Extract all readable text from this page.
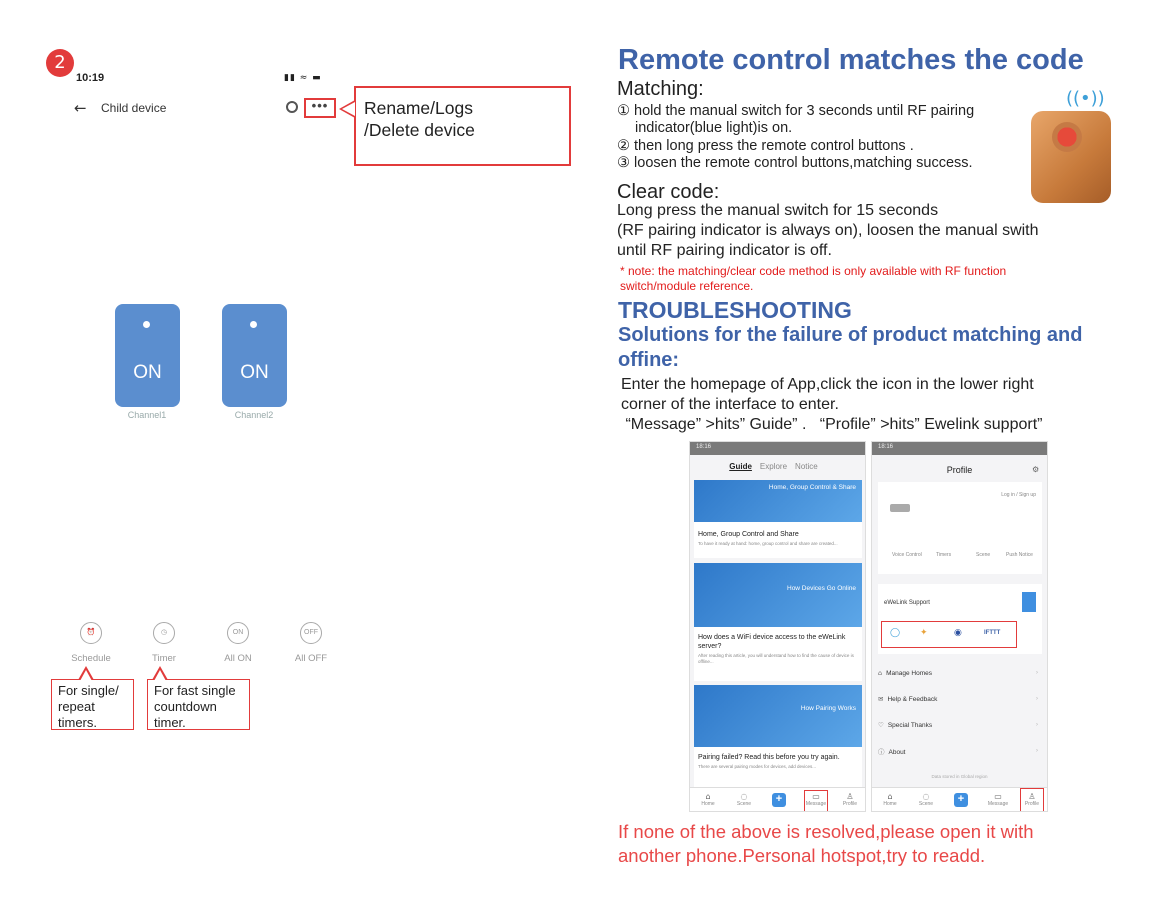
2
10:19	▮▮ ≈ ▬
← Child device	•••	Rename/Logs
/Delete device
ON
Channel1
ON
Channel2
⏰
Schedule
◷
Timer
ON
All ON
OFF
All OFF
For single/
repeat
timers.
For fast single
countdown
timer.
Remote control matches the code
Matching:
① hold the manual switch for 3 seconds until RF pairing
indicator(blue light)is on.
② then long press the remote control buttons .
③ loosen the remote control buttons,matching success.
((•))
Clear code:
Long press the manual switch for 15 seconds
(RF pairing indicator is always on), loosen the manual swith
until RF pairing indicator is off.
* note: the matching/clear code method is only available with RF function
switch/module reference.
TROUBLESHOOTING
Solutions for the failure of product matching and offine:
Enter the homepage of App,click the icon in the lower right
corner of the interface to enter.
“Message” >hits” Guide” .   “Profile” >hits” Ewelink support”
18:16
Guide Explore Notice
Home, Group Control & Share
Home, Group Control and Share
To have it ready at hand: home, group control and share are created...
How Devices Go Online
How does a WiFi device access to the eWeLink server?
After reading this article, you will understand how to find the cause of device is offline...
How Pairing Works
Pairing failed? Read this before you try again.
There are several pairing modes for devices, add devices...
⌂
Home
◌
Scene	+	▭
Message
♙
Profile
18:16
Profile	⚙
Log in / Sign up
Voice Control	Timers	Scene	Push Notice
eWeLink Support
◯ ✦	◉	IFTTT
⌂ Manage Homes	›
✉ Help & Feedback	›
♡ Special Thanks	›
ⓘ About	›
Data stored in Global region
⌂
Home
◌
Scene	+	▭
Message
♙
Profile
If none of the above is resolved,please open it with
another phone.Personal hotspot,try to readd.
